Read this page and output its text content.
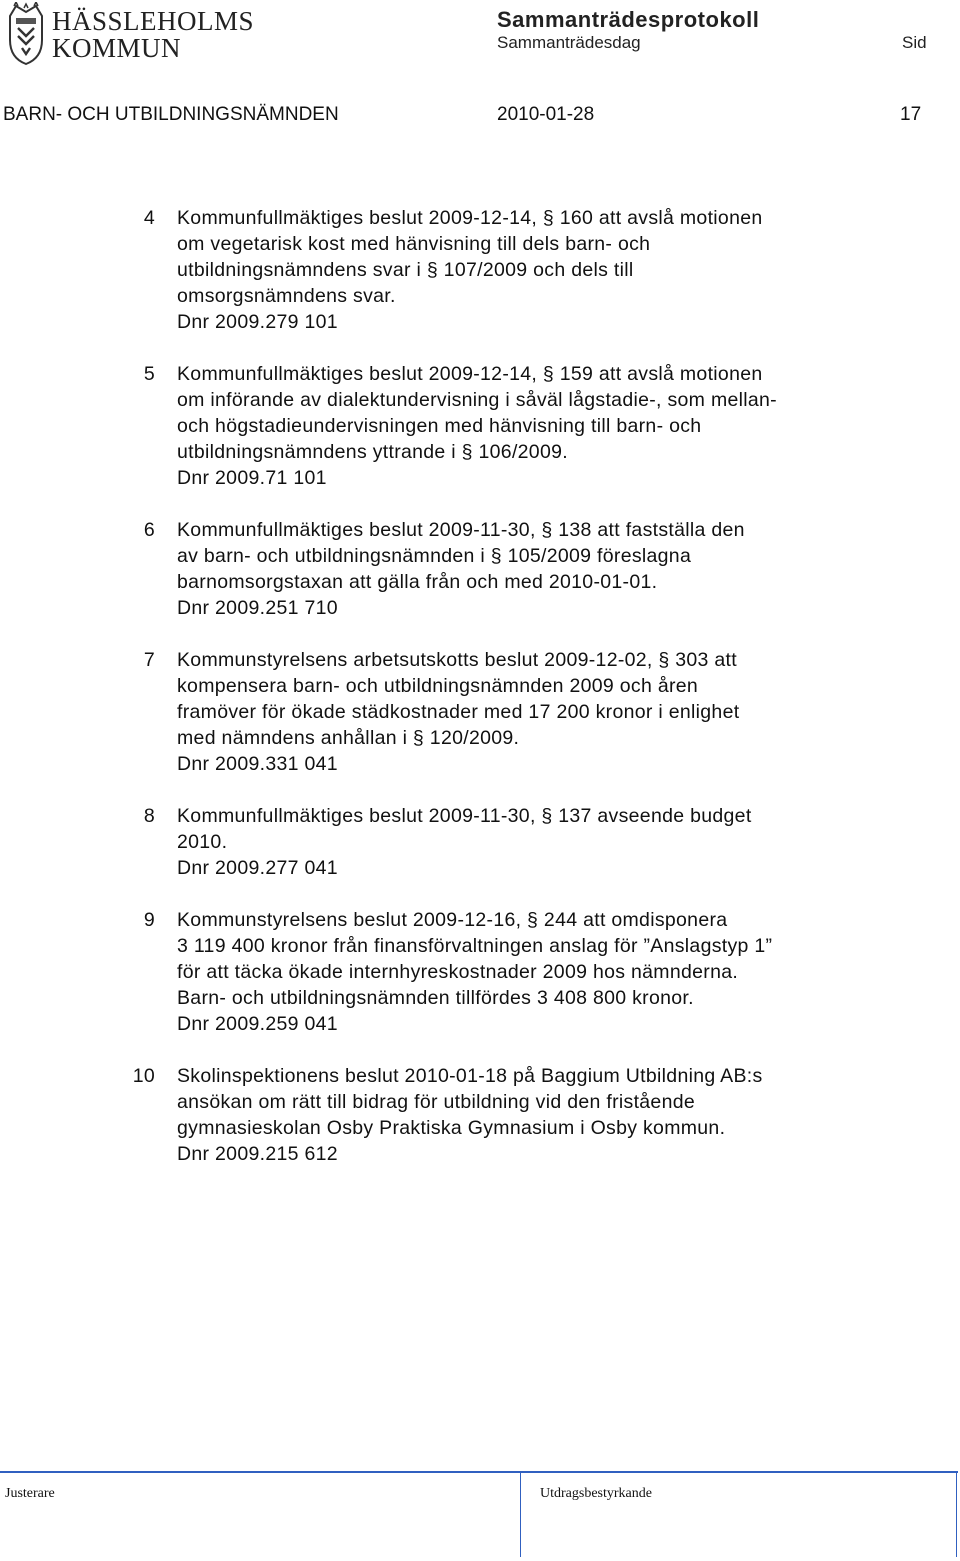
HÄSSLEHOLMS
KOMMUN
Sammanträdesprotokoll
Sammanträdesdag	Sid
BARN- OCH UTBILDNINGSNÄMNDEN	2010-01-28	17
4 Kommunfullmäktiges beslut 2009-12-14, § 160 att avslå motionen
om vegetarisk kost med hänvisning till dels barn- och
utbildningsnämndens svar i § 107/2009 och dels till
omsorgsnämndens svar.
Dnr 2009.279 101
5 Kommunfullmäktiges beslut 2009-12-14, § 159 att avslå motionen
om införande av dialektundervisning i såväl lågstadie-, som mellan-
och högstadieundervisningen med hänvisning till barn- och
utbildningsnämndens yttrande i § 106/2009.
Dnr 2009.71 101
6 Kommunfullmäktiges beslut 2009-11-30, § 138 att fastställa den
av barn- och utbildningsnämnden i § 105/2009 föreslagna
barnomsorgstaxan att gälla från och med 2010-01-01.
Dnr 2009.251 710
7 Kommunstyrelsens arbetsutskotts beslut 2009-12-02, § 303 att
kompensera barn- och utbildningsnämnden 2009 och åren
framöver för ökade städkostnader med 17 200 kronor i enlighet
med nämndens anhållan i § 120/2009.
Dnr 2009.331 041
8 Kommunfullmäktiges beslut 2009-11-30, § 137 avseende budget
2010.
Dnr 2009.277 041
9 Kommunstyrelsens beslut 2009-12-16, § 244 att omdisponera
3 119 400 kronor från finansförvaltningen anslag för ”Anslagstyp 1”
för att täcka ökade internhyreskostnader 2009 hos nämnderna.
Barn- och utbildningsnämnden tillfördes 3 408 800 kronor.
Dnr 2009.259 041
10 Skolinspektionens beslut 2010-01-18 på Baggium Utbildning AB:s
ansökan om rätt till bidrag för utbildning vid den fristående
gymnasieskolan Osby Praktiska Gymnasium i Osby kommun.
Dnr 2009.215 612
Justerare	Utdragsbestyrkande
